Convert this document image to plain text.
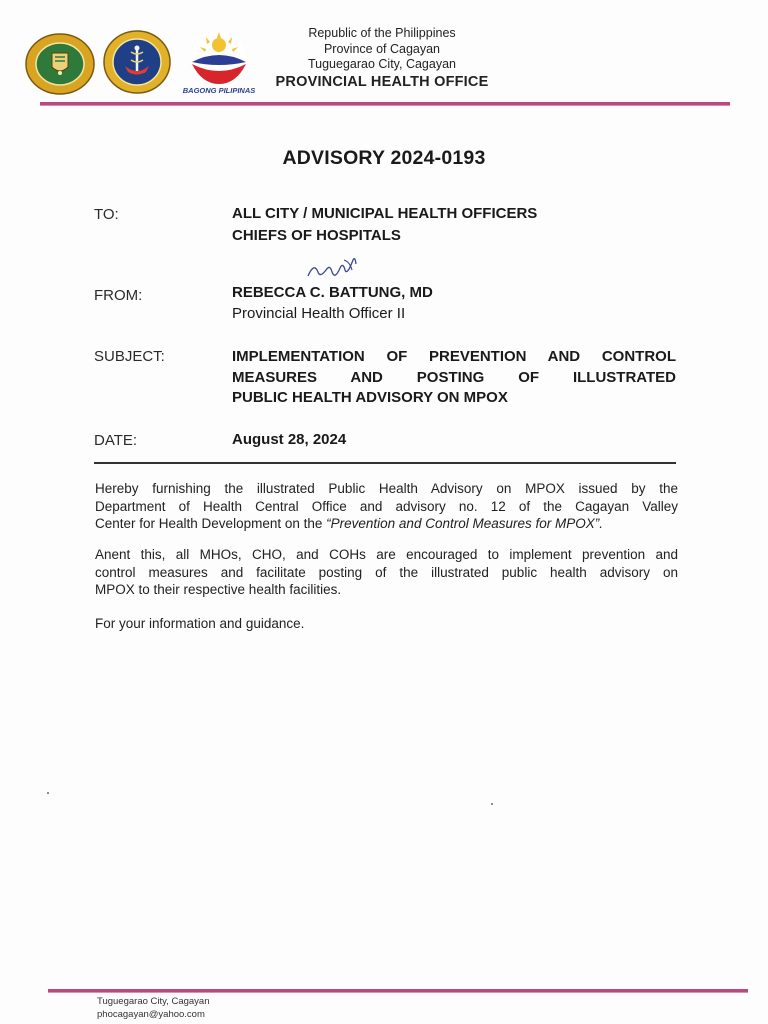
BAGONG PILIPINAS
Republic of the Philippines
Province of Cagayan
Tuguegarao City, Cagayan
PROVINCIAL HEALTH OFFICE
ADVISORY 2024-0193
TO:	ALL CITY / MUNICIPAL HEALTH OFFICERS
CHIEFS OF HOSPITALS
FROM:	REBECCA C. BATTUNG, MD
Provincial Health Officer II
SUBJECT:	IMPLEMENTATION OF PREVENTION AND CONTROL
MEASURES AND POSTING OF ILLUSTRATED
PUBLIC HEALTH ADVISORY ON MPOX
DATE:	August 28, 2024
Hereby furnishing the illustrated Public Health Advisory on MPOX issued by the
Department of Health Central Office and advisory no. 12 of the Cagayan Valley
Center for Health Development on the “Prevention and Control Measures for MPOX”.
Anent this, all MHOs, CHO, and COHs are encouraged to implement prevention and
control measures and facilitate posting of the illustrated public health advisory on
MPOX to their respective health facilities.
For your information and guidance.
Tuguegarao City, Cagayan
phocagayan@yahoo.com
